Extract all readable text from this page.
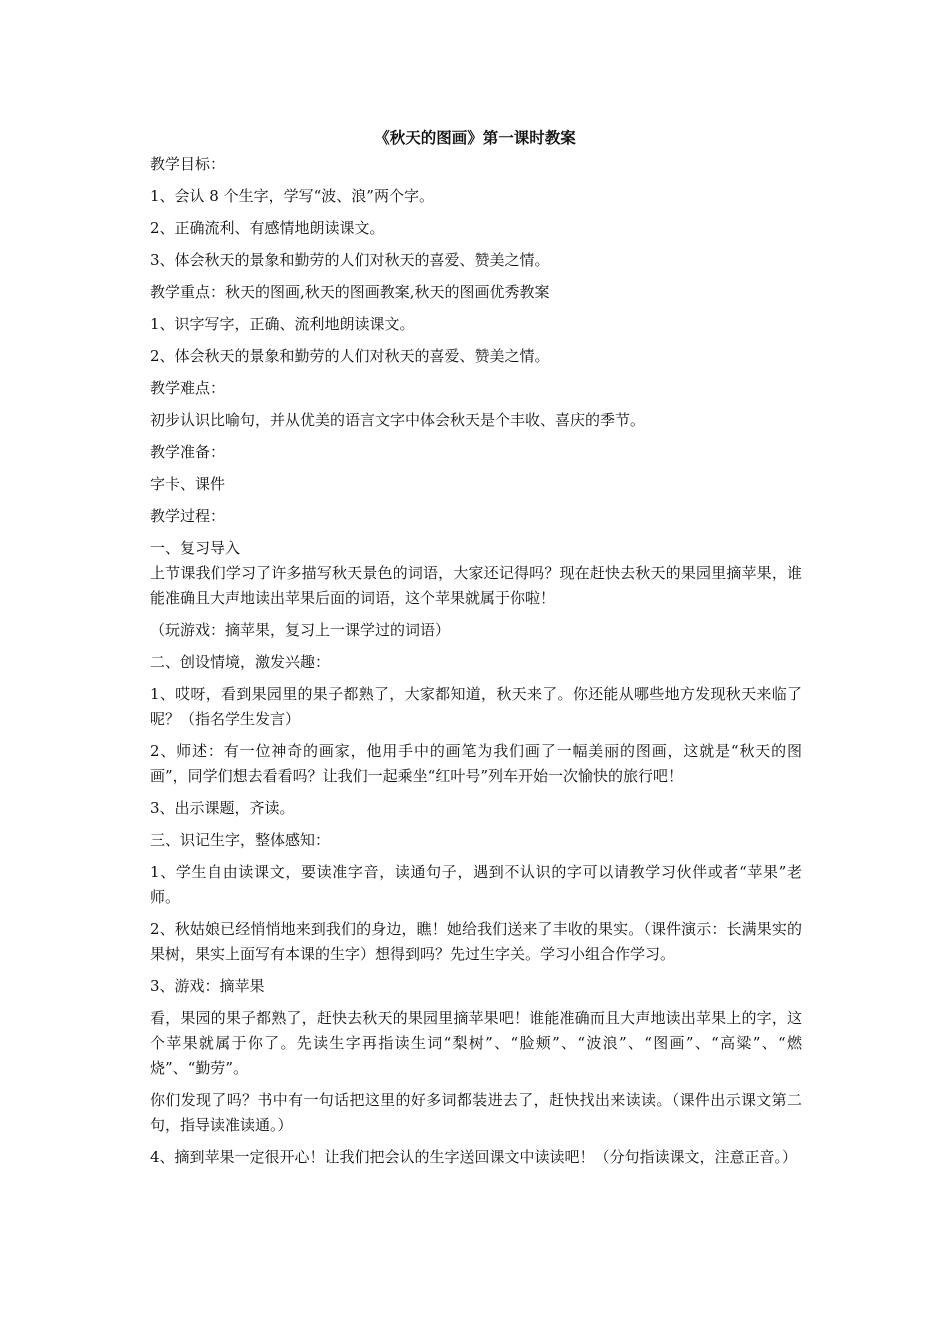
《秋天的图画》第一课时教案

教学目标：

1、会认 8 个生字，学写“波、浪”两个字。

2、正确流利、有感情地朗读课文。

3、体会秋天的景象和勤劳的人们对秋天的喜爱、赞美之情。

教学重点：秋天的图画,秋天的图画教案,秋天的图画优秀教案

1、识字写字，正确、流利地朗读课文。

2、体会秋天的景象和勤劳的人们对秋天的喜爱、赞美之情。

教学难点：

初步认识比喻句，并从优美的语言文字中体会秋天是个丰收、喜庆的季节。

教学准备：

字卡、课件

教学过程：

一、复习导入

上节课我们学习了许多描写秋天景色的词语，大家还记得吗？现在赶快去秋天的果园里摘苹果，谁能准确且大声地读出苹果后面的词语，这个苹果就属于你啦！

（玩游戏：摘苹果，复习上一课学过的词语）

二、创设情境，激发兴趣：

1、哎呀，看到果园里的果子都熟了，大家都知道，秋天来了。你还能从哪些地方发现秋天来临了呢？（指名学生发言）

2、师述：有一位神奇的画家，他用手中的画笔为我们画了一幅美丽的图画，这就是“秋天的图画”，同学们想去看看吗？让我们一起乘坐“红叶号”列车开始一次愉快的旅行吧！

3、出示课题，齐读。

三、识记生字，整体感知：

1、学生自由读课文，要读准字音，读通句子，遇到不认识的字可以请教学习伙伴或者“苹果”老师。

2、秋姑娘已经悄悄地来到我们的身边，瞧！她给我们送来了丰收的果实。（课件演示：长满果实的果树，果实上面写有本课的生字）想得到吗？先过生字关。学习小组合作学习。

3、游戏：摘苹果

看，果园的果子都熟了，赶快去秋天的果园里摘苹果吧！谁能准确而且大声地读出苹果上的字，这个苹果就属于你了。先读生字再指读生词“梨树”、“脸颊”、“波浪”、“图画”、“高粱”、“燃烧”、“勤劳”。

你们发现了吗？书中有一句话把这里的好多词都装进去了，赶快找出来读读。（课件出示课文第二句，指导读准读通。）

4、摘到苹果一定很开心！让我们把会认的生字送回课文中读读吧！（分句指读课文，注意正音。）
